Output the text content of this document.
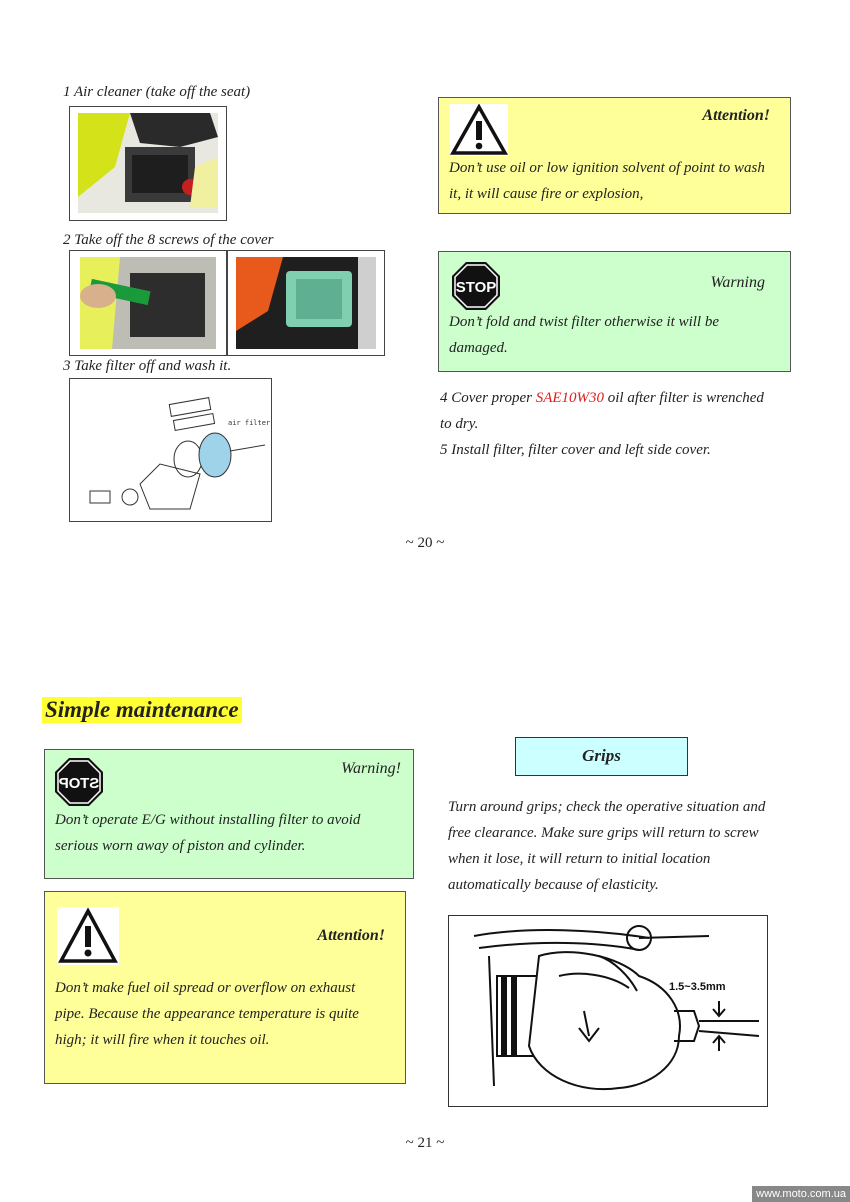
1 Air cleaner (take off the seat)
2 Take off the 8 screws of the cover
3 Take filter off and wash it.
air filter
Attention!
Don’t use oil or low ignition solvent of point to wash
it, it will cause fire or explosion,
STOP	Warning
Don’t fold and twist filter otherwise it will be
damaged.
4 Cover proper SAE10W30 oil after filter is wrenched
to dry.
5 Install filter, filter cover and left side cover.
~ 20 ~
Simple maintenance
STOP
Warning!
Don’t operate E/G without installing filter to avoid
serious worn away of piston and cylinder.
Attention!
Don’t make fuel oil spread or overflow on exhaust
pipe. Because the appearance temperature is quite
high; it will fire when it touches oil.
Grips
Turn around grips; check the operative situation and
free clearance. Make sure grips will return to screw
when it lose, it will return to initial location
automatically because of elasticity.
1.5~3.5mm
~ 21 ~
www.moto.com.ua
